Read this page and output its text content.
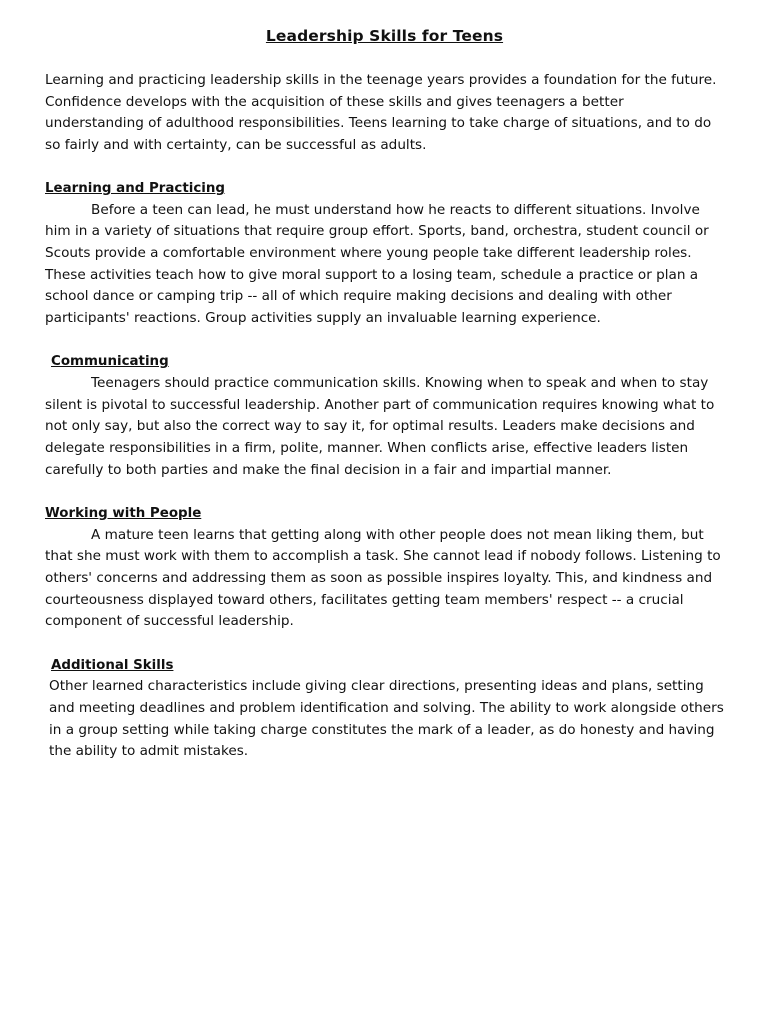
Leadership Skills for Teens

Learning and practicing leadership skills in the teenage years provides a foundation for the future. Confidence develops with the acquisition of these skills and gives teenagers a better understanding of adulthood responsibilities. Teens learning to take charge of situations, and to do so fairly and with certainty, can be successful as adults.

Learning and Practicing

Before a teen can lead, he must understand how he reacts to different situations. Involve him in a variety of situations that require group effort. Sports, band, orchestra, student council or Scouts provide a comfortable environment where young people take different leadership roles. These activities teach how to give moral support to a losing team, schedule a practice or plan a school dance or camping trip -- all of which require making decisions and dealing with other participants' reactions. Group activities supply an invaluable learning experience.

Communicating

Teenagers should practice communication skills. Knowing when to speak and when to stay silent is pivotal to successful leadership. Another part of communication requires knowing what to not only say, but also the correct way to say it, for optimal results. Leaders make decisions and delegate responsibilities in a firm, polite, manner. When conflicts arise, effective leaders listen carefully to both parties and make the final decision in a fair and impartial manner.

Working with People

A mature teen learns that getting along with other people does not mean liking them, but that she must work with them to accomplish a task. She cannot lead if nobody follows. Listening to others' concerns and addressing them as soon as possible inspires loyalty. This, and kindness and courteousness displayed toward others, facilitates getting team members' respect -- a crucial component of successful leadership.

Additional Skills

Other learned characteristics include giving clear directions, presenting ideas and plans, setting and meeting deadlines and problem identification and solving. The ability to work alongside others in a group setting while taking charge constitutes the mark of a leader, as do honesty and having the ability to admit mistakes.
